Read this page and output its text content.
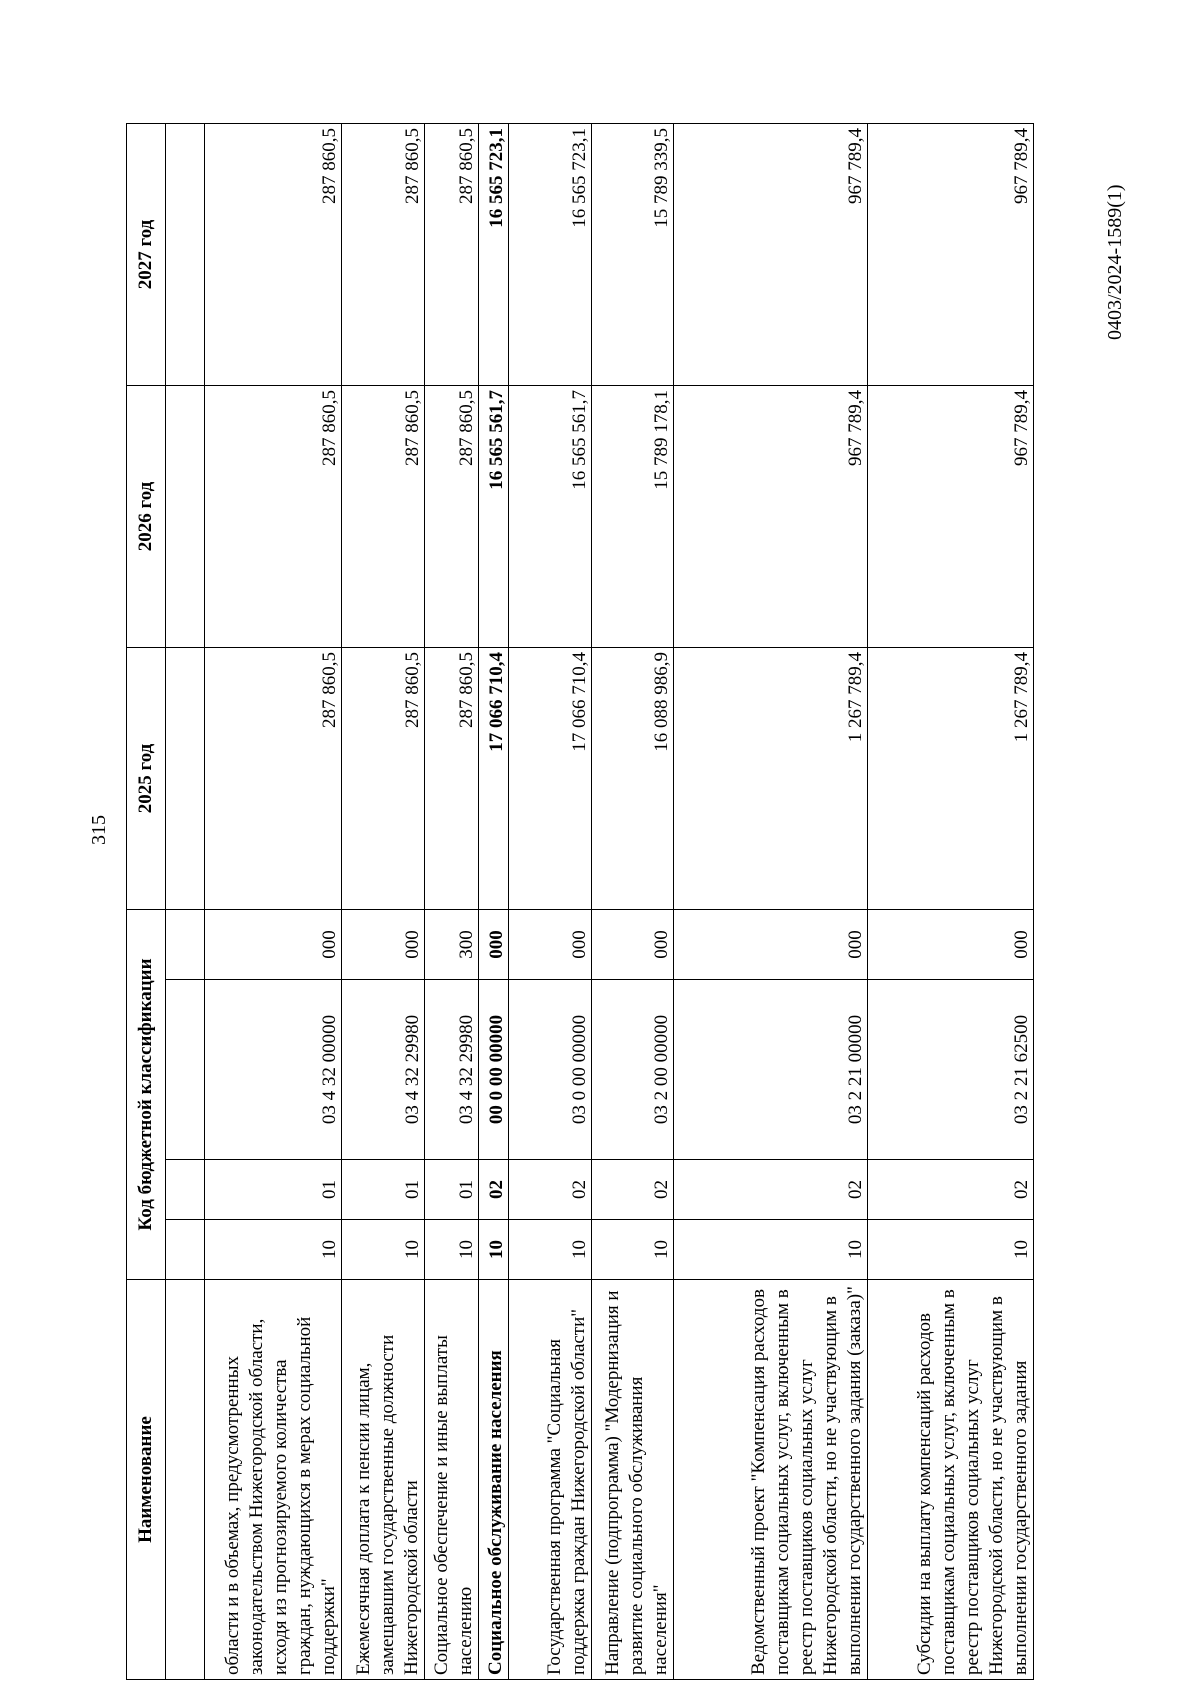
315
0403/2024-1589(1)
Наименование	Код бюджетной классификации				2025 год	2026 год	2027 год

области и в объемах, предусмотренных законодательством Нижегородской области, исходя из прогнозируемого количества граждан, нуждающихся в мерах социальной поддержки"	10	01	03 4 32 00000	000	287 860,5	287 860,5	287 860,5
Ежемесячная доплата к пенсии лицам, замещавшим государственные должности Нижегородской области	10	01	03 4 32 29980	000	287 860,5	287 860,5	287 860,5
Социальное обеспечение и иные выплаты населению	10	01	03 4 32 29980	300	287 860,5	287 860,5	287 860,5
Социальное обслуживание населения	10	02	00 0 00 00000	000	17 066 710,4	16 565 561,7	16 565 723,1
Государственная программа "Социальная поддержка граждан Нижегородской области"	10	02	03 0 00 00000	000	17 066 710,4	16 565 561,7	16 565 723,1
Направление (подпрограмма) "Модернизация и развитие социального обслуживания населения"	10	02	03 2 00 00000	000	16 088 986,9	15 789 178,1	15 789 339,5
Ведомственный проект "Компенсация расходов поставщикам социальных услуг, включенным в реестр поставщиков социальных услуг Нижегородской области, но не участвующим в выполнении государственного задания (заказа)"	10	02	03 2 21 00000	000	1 267 789,4	967 789,4	967 789,4
Субсидии на выплату компенсаций расходов поставщикам социальных услуг, включенным в реестр поставщиков социальных услуг Нижегородской области, но не участвующим в выполнении государственного задания	10	02	03 2 21 62500	000	1 267 789,4	967 789,4	967 789,4
